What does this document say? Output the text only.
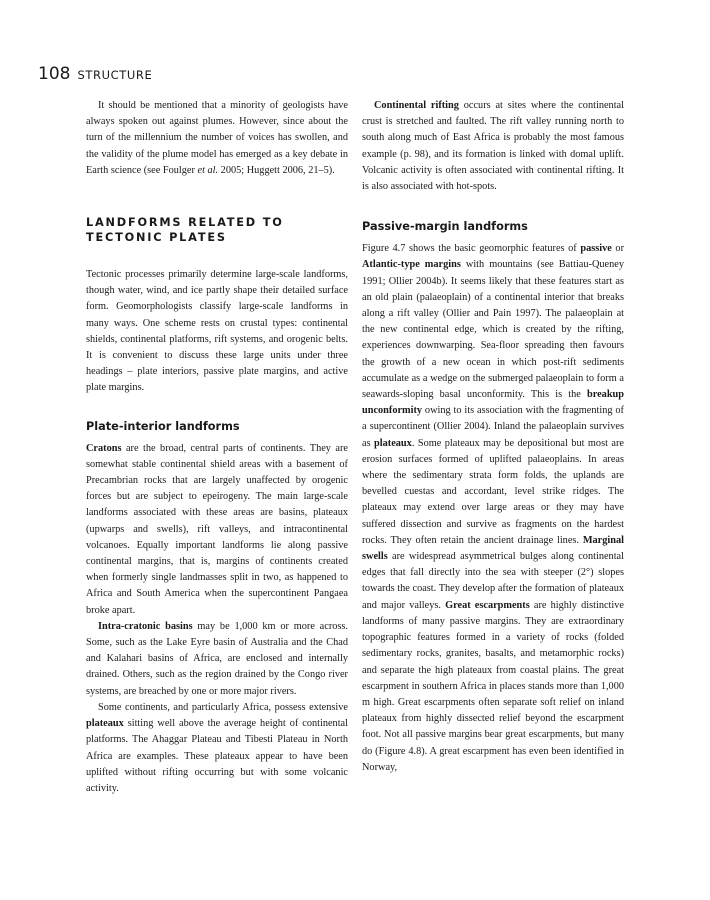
108 STRUCTURE

It should be mentioned that a minority of geologists have always spoken out against plumes. However, since about the turn of the millennium the number of voices has swollen, and the validity of the plume model has emerged as a key debate in Earth science (see Foulger et al. 2005; Huggett 2006, 21–5).

LANDFORMS RELATED TO
TECTONIC PLATES

Tectonic processes primarily determine large-scale landforms, though water, wind, and ice partly shape their detailed surface form. Geomorphologists classify large-scale landforms in many ways. One scheme rests on crustal types: continental shields, continental platforms, rift systems, and orogenic belts. It is convenient to discuss these large units under three headings – plate interiors, passive plate margins, and active plate margins.

Plate-interior landforms

Cratons are the broad, central parts of continents. They are somewhat stable continental shield areas with a basement of Precambrian rocks that are largely unaffected by orogenic forces but are subject to epeirogeny. The main large-scale landforms associated with these areas are basins, plateaux (upwarps and swells), rift valleys, and intracontinental volcanoes. Equally important landforms lie along passive continental margins, that is, margins of continents created when formerly single landmasses split in two, as happened to Africa and South America when the supercontinent Pangaea broke apart.

Intra-cratonic basins may be 1,000 km or more across. Some, such as the Lake Eyre basin of Australia and the Chad and Kalahari basins of Africa, are enclosed and internally drained. Others, such as the region drained by the Congo river systems, are breached by one or more major rivers.

Some continents, and particularly Africa, possess extensive plateaux sitting well above the average height of continental platforms. The Ahaggar Plateau and Tibesti Plateau in North Africa are examples. These plateaux appear to have been uplifted without rifting occurring but with some volcanic activity.

Continental rifting occurs at sites where the continental crust is stretched and faulted. The rift valley running north to south along much of East Africa is probably the most famous example (p. 98), and its formation is linked with domal uplift. Volcanic activity is often associated with continental rifting. It is also associated with hot-spots.

Passive-margin landforms

Figure 4.7 shows the basic geomorphic features of passive or Atlantic-type margins with mountains (see Battiau-Queney 1991; Ollier 2004b). It seems likely that these features start as an old plain (palaeoplain) of a continental interior that breaks along a rift valley (Ollier and Pain 1997). The palaeoplain at the new continental edge, which is created by the rifting, experiences downwarping. Sea-floor spreading then favours the growth of a new ocean in which post-rift sediments accumulate as a wedge on the submerged palaeoplain to form a seawards-sloping basal unconformity. This is the breakup unconformity owing to its association with the fragmenting of a supercontinent (Ollier 2004). Inland the palaeoplain survives as plateaux. Some plateaux may be depositional but most are erosion surfaces formed of uplifted palaeoplains. In areas where the sedimentary strata form folds, the uplands are bevelled cuestas and accordant, level strike ridges. The plateaux may extend over large areas or they may have suffered dissection and survive as fragments on the hardest rocks. They often retain the ancient drainage lines. Marginal swells are widespread asymmetrical bulges along continental edges that fall directly into the sea with steeper (2°) slopes towards the coast. They develop after the formation of plateaux and major valleys. Great escarpments are highly distinctive landforms of many passive margins. They are extraordinary topographic features formed in a variety of rocks (folded sedimentary rocks, granites, basalts, and metamorphic rocks) and separate the high plateaux from coastal plains. The great escarpment in southern Africa in places stands more than 1,000 m high. Great escarpments often separate soft relief on inland plateaux from highly dissected relief beyond the escarpment foot. Not all passive margins bear great escarpments, but many do (Figure 4.8). A great escarpment has even been identified in Norway,
